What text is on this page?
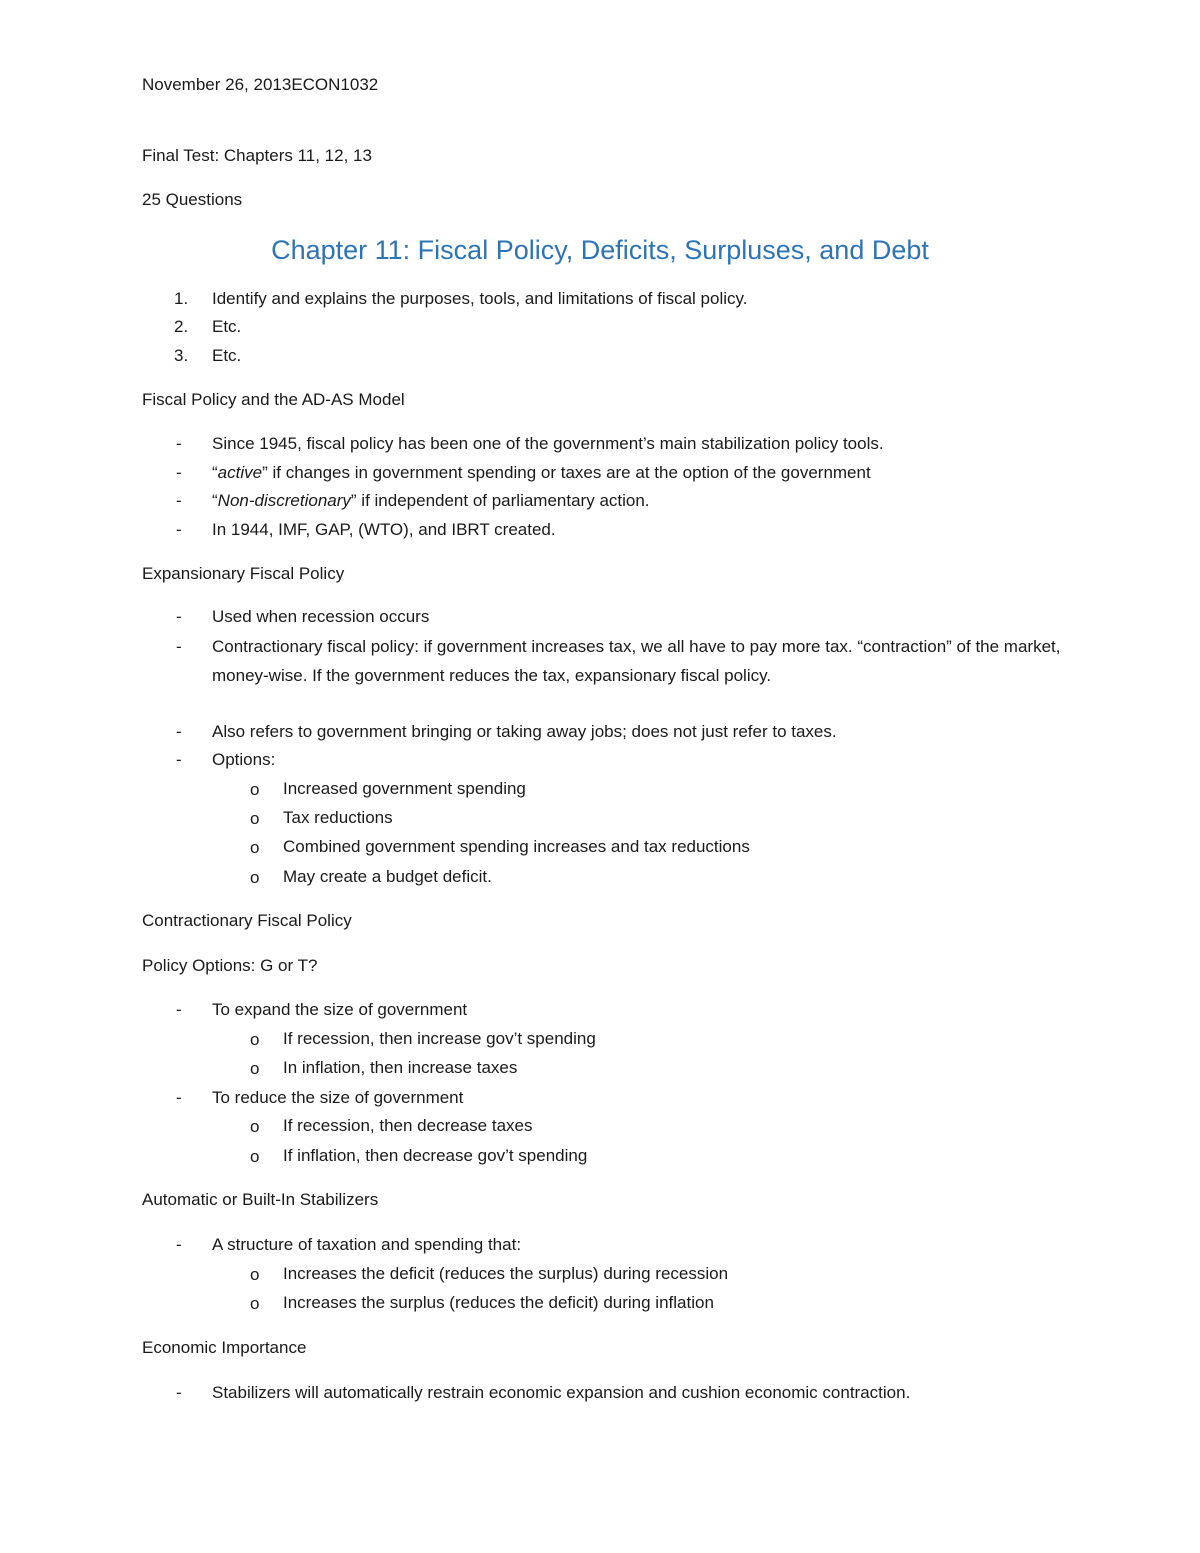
November 26, 2013ECON1032
Final Test: Chapters 11, 12, 13
25 Questions
Chapter 11: Fiscal Policy, Deficits, Surpluses, and Debt
1. Identify and explains the purposes, tools, and limitations of fiscal policy.
2. Etc.
3. Etc.
Fiscal Policy and the AD-AS Model
- Since 1945, fiscal policy has been one of the government’s main stabilization policy tools.
- “active” if changes in government spending or taxes are at the option of the government
- “Non-discretionary” if independent of parliamentary action.
- In 1944, IMF, GAP, (WTO), and IBRT created.
Expansionary Fiscal Policy
- Used when recession occurs
- Contractionary fiscal policy: if government increases tax, we all have to pay more tax. “contraction” of the market, money-wise. If the government reduces the tax, expansionary fiscal policy.
- Also refers to government bringing or taking away jobs; does not just refer to taxes.
- Options:
o Increased government spending
o Tax reductions
o Combined government spending increases and tax reductions
o May create a budget deficit.
Contractionary Fiscal Policy
Policy Options: G or T?
- To expand the size of government
o If recession, then increase gov’t spending
o In inflation, then increase taxes
- To reduce the size of government
o If recession, then decrease taxes
o If inflation, then decrease gov’t spending
Automatic or Built-In Stabilizers
- A structure of taxation and spending that:
o Increases the deficit (reduces the surplus) during recession
o Increases the surplus (reduces the deficit) during inflation
Economic Importance
- Stabilizers will automatically restrain economic expansion and cushion economic contraction.
